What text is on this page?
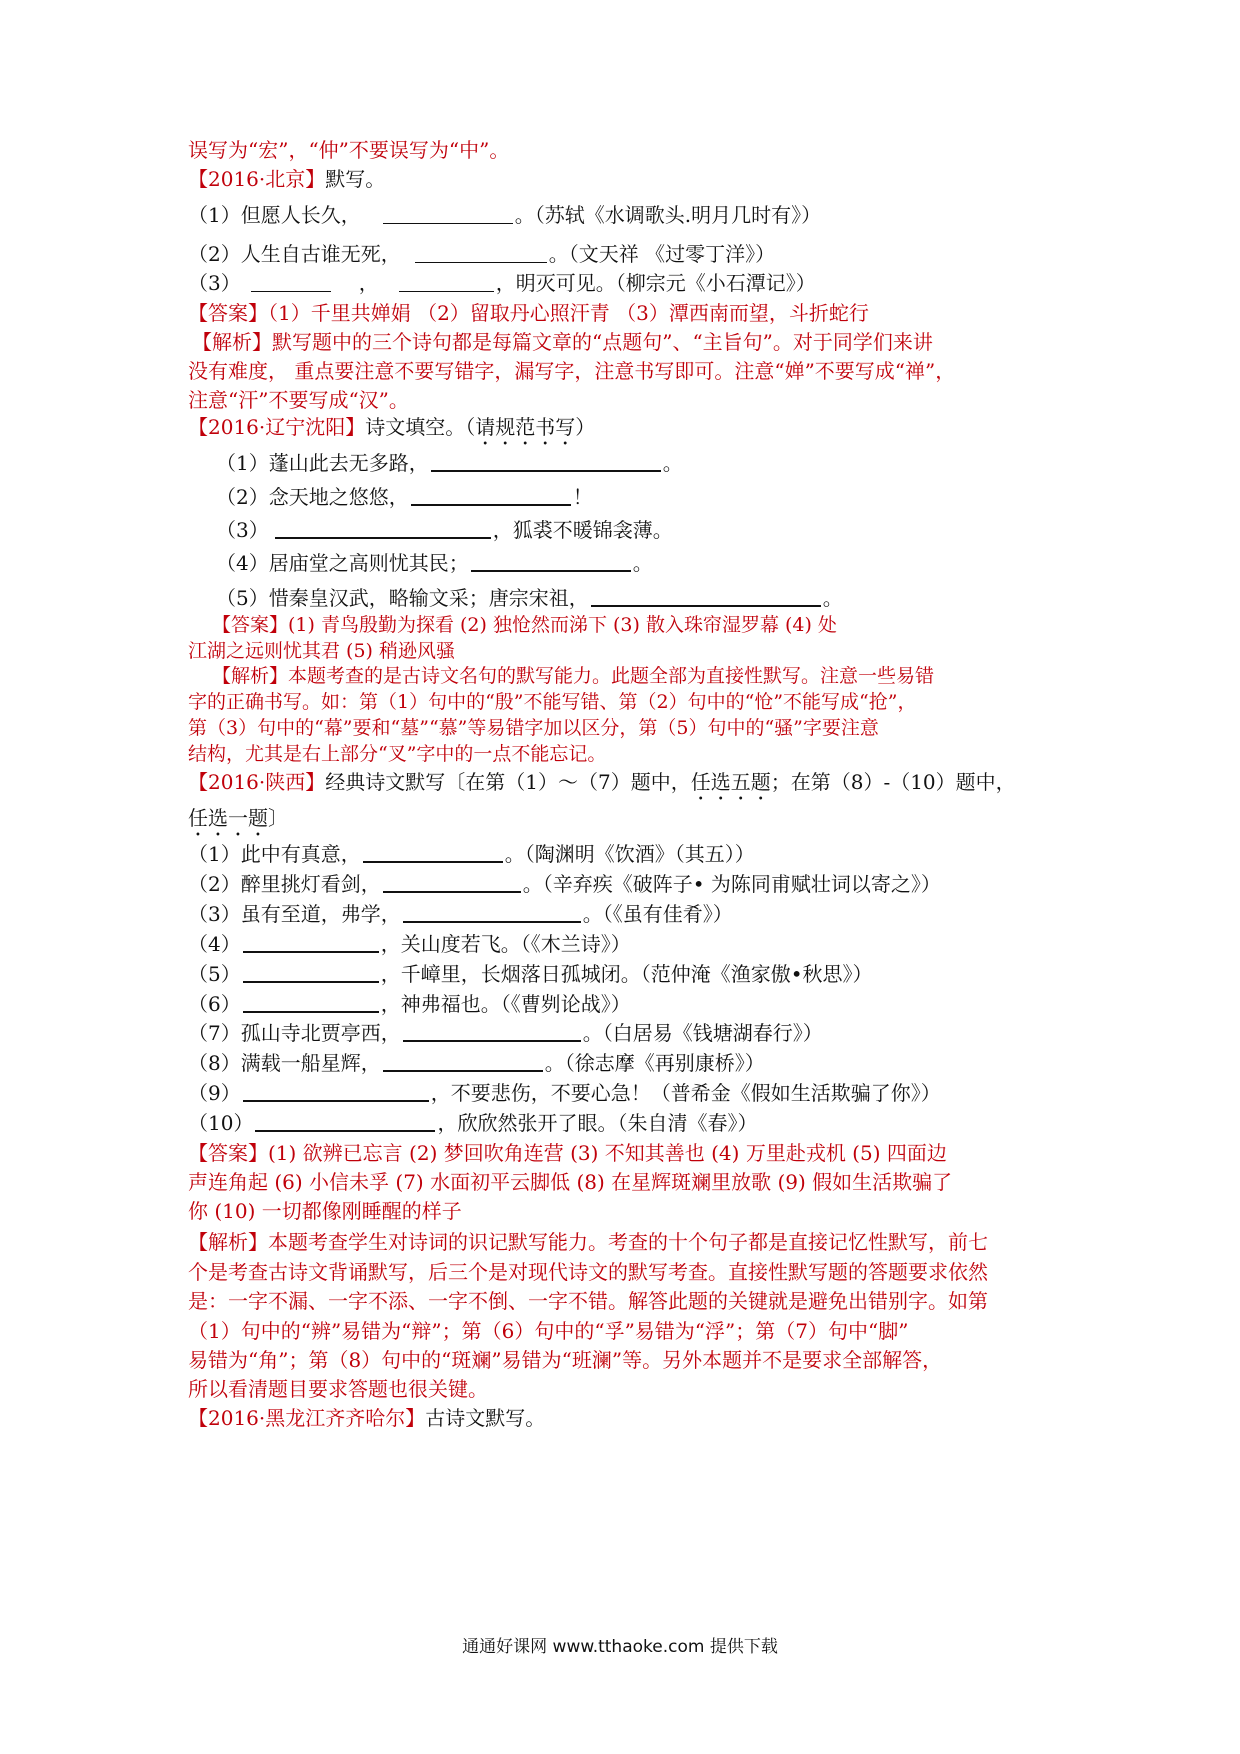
误写为“宏”，“仲”不要误写为“中”。
【2016·北京】默写。
（1）但愿人长久，	。（苏轼《水调歌头.明月几时有》）
（2）人生自古谁无死，	。（文天祥 《过零丁洋》）
（3）	，	，明灭可见。（柳宗元《小石潭记》）
【答案】（1）千里共婵娟 （2）留取丹心照汗青 （3）潭西南而望，斗折蛇行
【解析】默写题中的三个诗句都是每篇文章的“点题句”、“主旨句”。对于同学们来讲
没有难度， 重点要注意不要写错字，漏写字，注意书写即可。注意“婵”不要写成“禅”，
注意“汗”不要写成“汉”。
【2016·辽宁沈阳】诗文填空。（请规范书写）
（1）蓬山此去无多路，	。
（2）念天地之悠悠，	！
（3）	，狐裘不暖锦衾薄。
（4）居庙堂之高则忧其民；	。
（5）惜秦皇汉武，略输文采；唐宗宋祖，	。
【答案】(1) 青鸟殷勤为探看 (2) 独怆然而涕下 (3) 散入珠帘湿罗幕 (4) 处
江湖之远则忧其君 (5) 稍逊风骚
【解析】本题考查的是古诗文名句的默写能力。此题全部为直接性默写。注意一些易错
字的正确书写。如：第（1）句中的“殷”不能写错、第（2）句中的“怆”不能写成“抢”，
第（3）句中的“幕”要和“墓”“慕”等易错字加以区分，第（5）句中的“骚”字要注意
结构，尤其是右上部分“叉”字中的一点不能忘记。
【2016·陕西】经典诗文默写〔在第（1）～（7）题中，任选五题；在第（8）-（10）题中，
任选一题〕
（1）此中有真意，	。（陶渊明《饮酒》（其五））
（2）醉里挑灯看剑，	。（辛弃疾《破阵子• 为陈同甫赋壮词以寄之》）
（3）虽有至道，弗学，	。（《虽有佳肴》）
（4）	，关山度若飞。（《木兰诗》）
（5）	，千嶂里，长烟落日孤城闭。（范仲淹《渔家傲•秋思》）
（6）	，神弗福也。（《曹刿论战》）
（7）孤山寺北贾亭西，	。（白居易《钱塘湖春行》）
（8）满载一船星辉，	。（徐志摩《再别康桥》）
（9）	，不要悲伤，不要心急！（普希金《假如生活欺骗了你》）
（10）	，欣欣然张开了眼。（朱自清《春》）
【答案】(1) 欲辨已忘言 (2) 梦回吹角连营 (3) 不知其善也 (4) 万里赴戎机 (5) 四面边
声连角起 (6) 小信未孚 (7) 水面初平云脚低 (8) 在星辉斑斓里放歌 (9) 假如生活欺骗了
你 (10) 一切都像刚睡醒的样子
【解析】本题考查学生对诗词的识记默写能力。考查的十个句子都是直接记忆性默写，前七
个是考查古诗文背诵默写，后三个是对现代诗文的默写考查。直接性默写题的答题要求依然
是：一字不漏、一字不添、一字不倒、一字不错。解答此题的关键就是避免出错别字。如第
（1）句中的“辨”易错为“辩”；第（6）句中的“孚”易错为“浮”；第（7）句中“脚”
易错为“角”；第（8）句中的“斑斓”易错为“班澜”等。另外本题并不是要求全部解答，
所以看清题目要求答题也很关键。
【2016·黑龙江齐齐哈尔】古诗文默写。
通通好课网 www.tthaoke.com 提供下载
